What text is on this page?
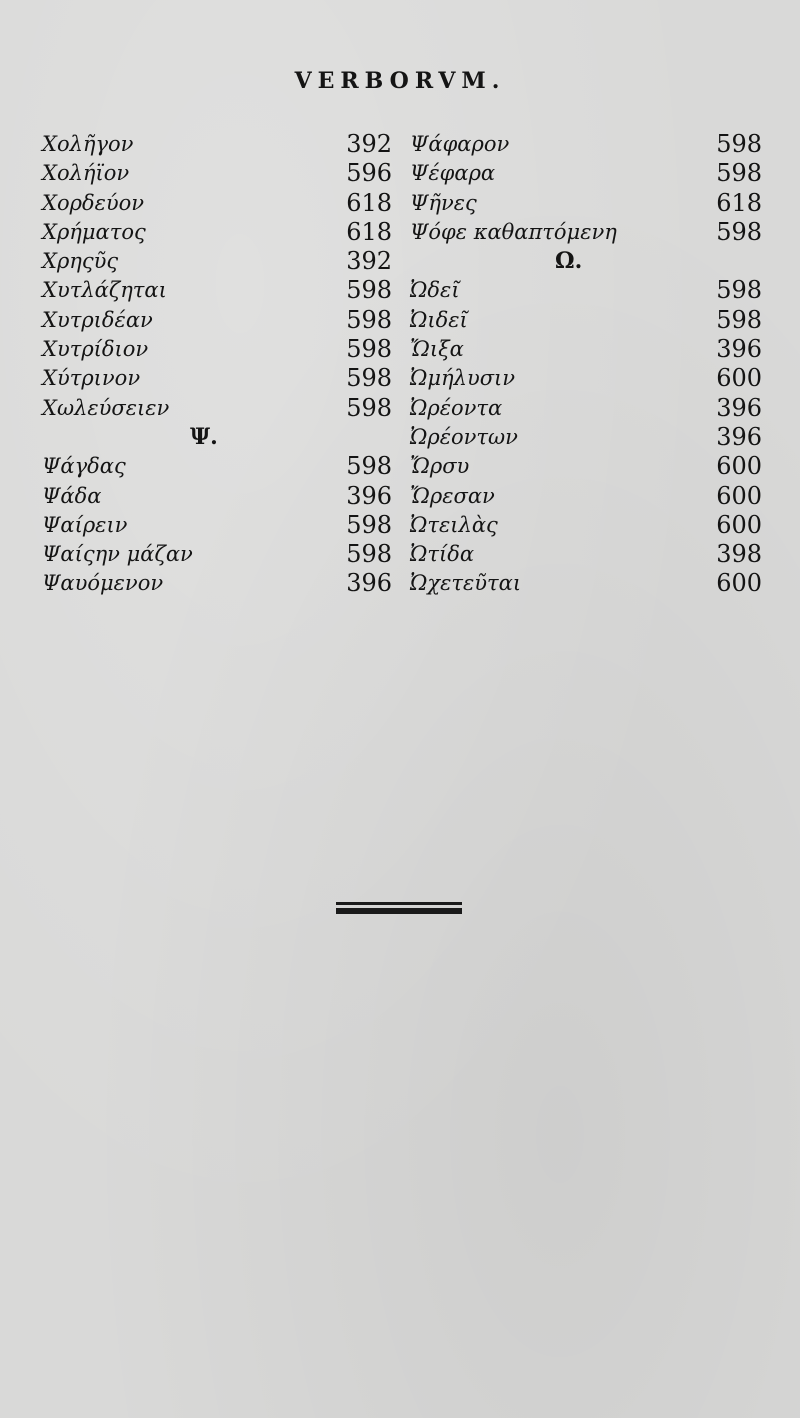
VERBORVM.
Χολῆγον	392
Χολήϊον	596
Χορδεύον	618
Χρήματος	618
Χρηςῦς	392
Χυτλάζηται	598
Χυτριδέαν	598
Χυτρίδιον	598
Χύτρινον	598
Χωλεύσειεν	598
Ψ.
Ψάγδας	598
Ψάδα	396
Ψαίρειν	598
Ψαίςην μάζαν	598
Ψαυόμενον	396
Ψάφαρον	598
Ψέφαρα	598
Ψῆνες	618
Ψόφε καθαπτόμενη	598
Ω.
Ὠδεῖ	598
Ὠιδεῖ	598
Ὤιξα	396
Ὠμήλυσιν	600
Ὠρέοντα	396
Ὠρέοντων	396
Ὤρσυ	600
Ὤρεσαν	600
Ὠτειλὰς	600
Ὠτίδα	398
Ὠχετεῦται	600
